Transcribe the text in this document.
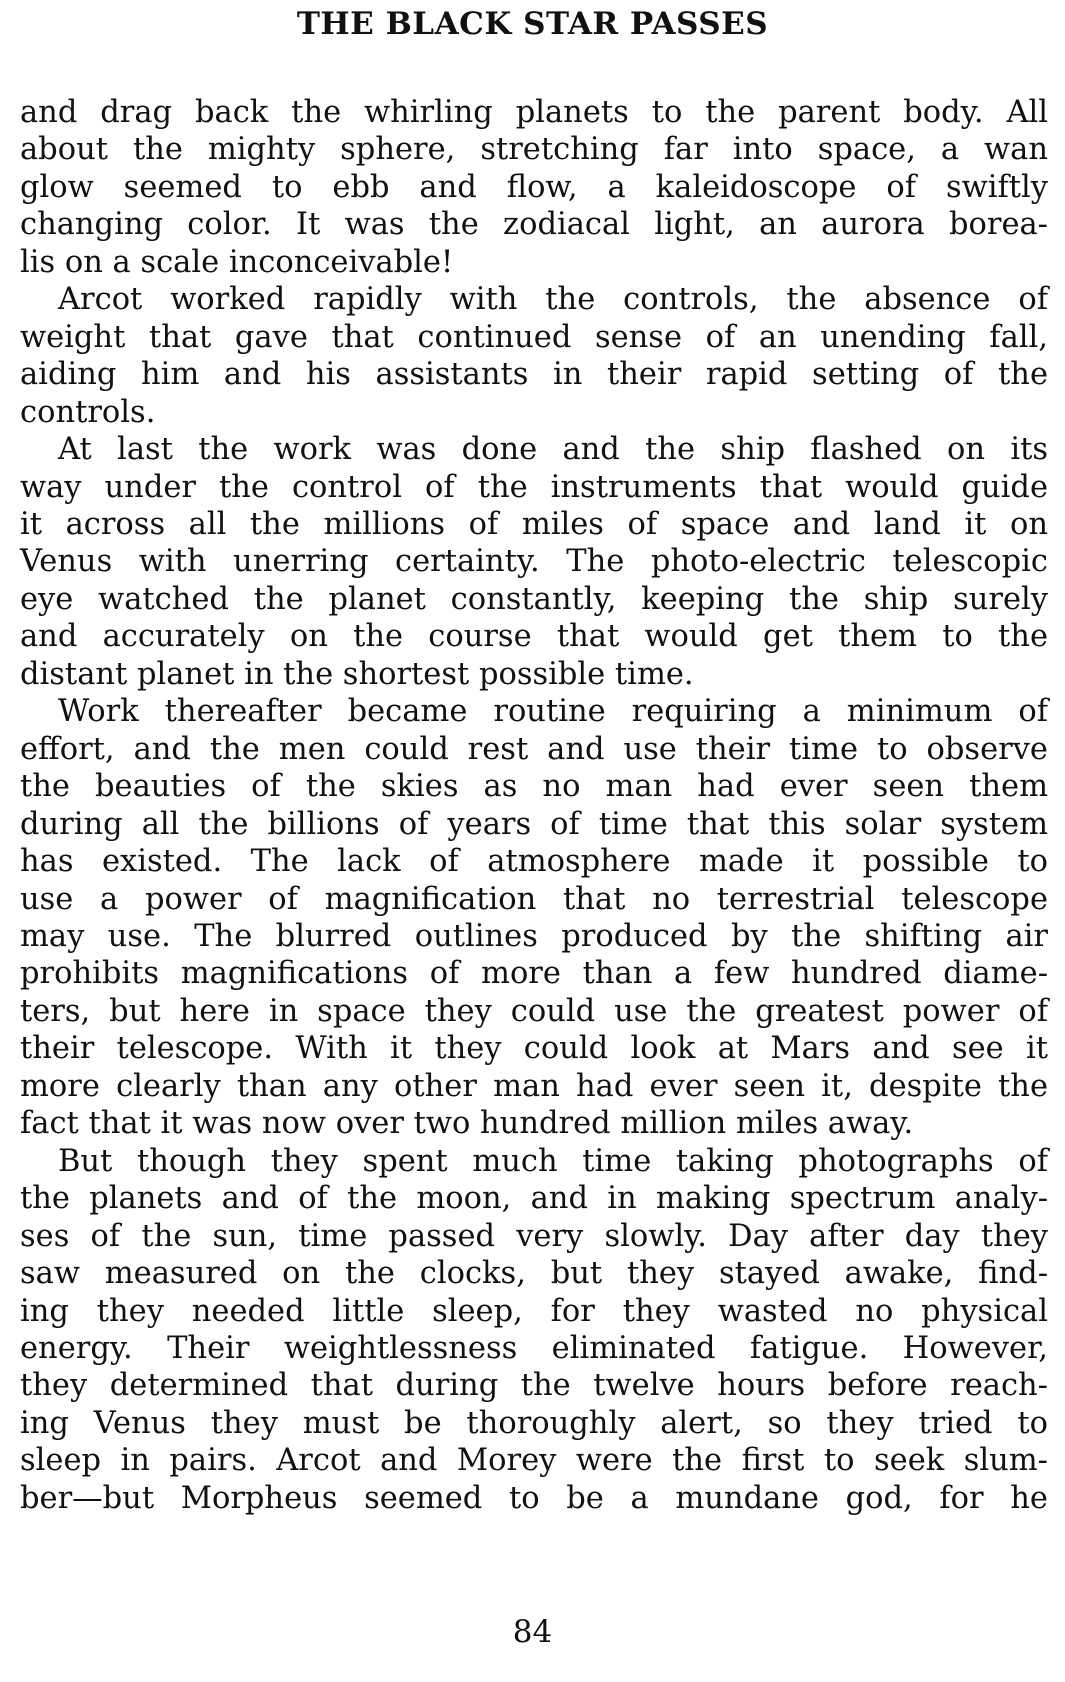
THE BLACK STAR PASSES

and drag back the whirling planets to the parent body. All
about the mighty sphere, stretching far into space, a wan
glow seemed to ebb and flow, a kaleidoscope of swiftly
changing color. It was the zodiacal light, an aurora borea-
lis on a scale inconceivable!

Arcot worked rapidly with the controls, the absence of
weight that gave that continued sense of an unending fall,
aiding him and his assistants in their rapid setting of the
controls.

At last the work was done and the ship flashed on its
way under the control of the instruments that would guide
it across all the millions of miles of space and land it on
Venus with unerring certainty. The photo-electric telescopic
eye watched the planet constantly, keeping the ship surely
and accurately on the course that would get them to the
distant planet in the shortest possible time.

Work thereafter became routine requiring a minimum of
effort, and the men could rest and use their time to observe
the beauties of the skies as no man had ever seen them
during all the billions of years of time that this solar system
has existed. The lack of atmosphere made it possible to
use a power of magnification that no terrestrial telescope
may use. The blurred outlines produced by the shifting air
prohibits magnifications of more than a few hundred diame-
ters, but here in space they could use the greatest power of
their telescope. With it they could look at Mars and see it
more clearly than any other man had ever seen it, despite the
fact that it was now over two hundred million miles away.

But though they spent much time taking photographs of
the planets and of the moon, and in making spectrum analy-
ses of the sun, time passed very slowly. Day after day they
saw measured on the clocks, but they stayed awake, find-
ing they needed little sleep, for they wasted no physical
energy. Their weightlessness eliminated fatigue. However,
they determined that during the twelve hours before reach-
ing Venus they must be thoroughly alert, so they tried to
sleep in pairs. Arcot and Morey were the first to seek slum-
ber—but Morpheus seemed to be a mundane god, for he

84
